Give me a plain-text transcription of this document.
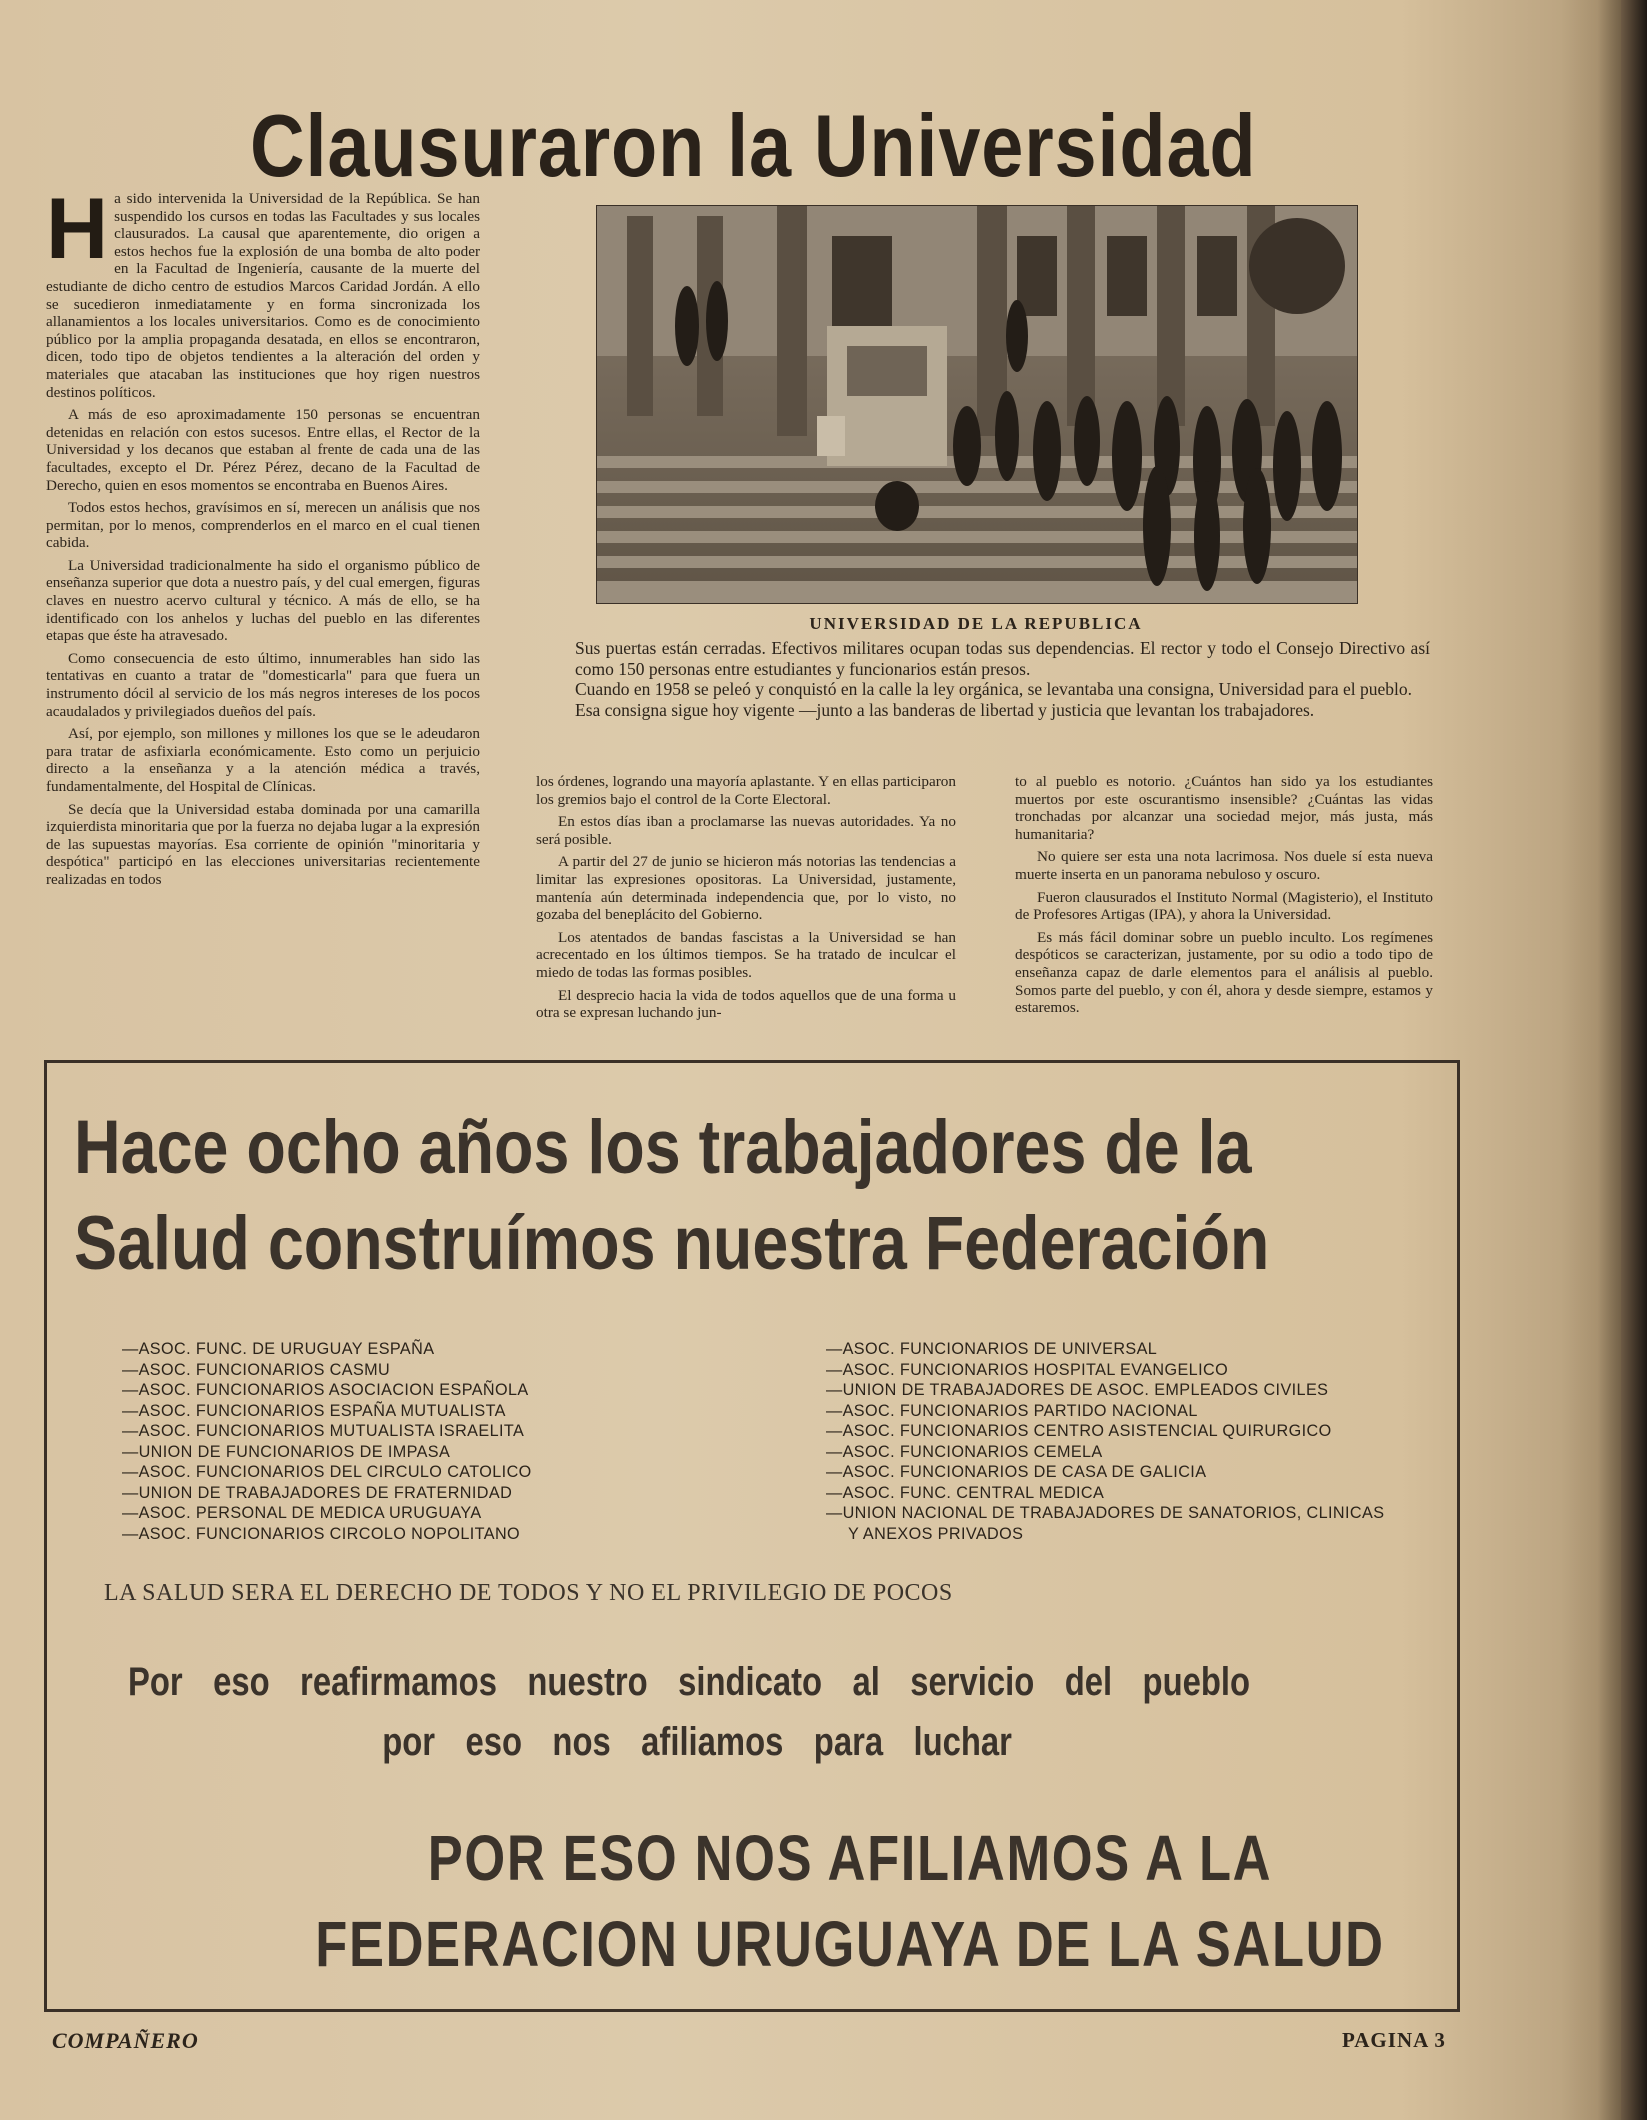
Clausuraron la Universidad
H a sido intervenida la Universidad de la República. Se han suspendido los cursos en todas las Facultades y sus locales clausurados. La causal que aparentemente, dio origen a estos hechos fue la explosión de una bomba de alto poder en la Facultad de Ingeniería, causante de la muerte del estudiante de dicho centro de estudios Marcos Caridad Jordán. A ello se sucedieron inmediatamente y en forma sincronizada los allanamientos a los locales universitarios. Como es de conocimiento público por la amplia propaganda desatada, en ellos se encontraron, dicen, todo tipo de objetos tendientes a la alteración del orden y materiales que atacaban las instituciones que hoy rigen nuestros destinos políticos.

A más de eso aproximadamente 150 personas se encuentran detenidas en relación con estos sucesos. Entre ellas, el Rector de la Universidad y los decanos que estaban al frente de cada una de las facultades, excepto el Dr. Pérez Pérez, decano de la Facultad de Derecho, quien en esos momentos se encontraba en Buenos Aires.

Todos estos hechos, gravísimos en sí, merecen un análisis que nos permitan, por lo menos, comprenderlos en el marco en el cual tienen cabida.

La Universidad tradicionalmente ha sido el organismo público de enseñanza superior que dota a nuestro país, y del cual emergen, figuras claves en nuestro acervo cultural y técnico. A más de ello, se ha identificado con los anhelos y luchas del pueblo en las diferentes etapas que éste ha atravesado.

Como consecuencia de esto último, innumerables han sido las tentativas en cuanto a tratar de "domesticarla" para que fuera un instrumento dócil al servicio de los más negros intereses de los pocos acaudalados y privilegiados dueños del país.

Así, por ejemplo, son millones y millones los que se le adeudaron para tratar de asfixiarla económicamente. Esto como un perjuicio directo a la enseñanza y a la atención médica a través, fundamentalmente, del Hospital de Clínicas.

Se decía que la Universidad estaba dominada por una camarilla izquierdista minoritaria que por la fuerza no dejaba lugar a la expresión de las supuestas mayorías. Esa corriente de opinión "minoritaria y despótica" participó en las elecciones universitarias recientemente realizadas en todos

UNIVERSIDAD DE LA REPUBLICA

Sus puertas están cerradas. Efectivos militares ocupan todas sus dependencias. El rector y todo el Consejo Directivo así como 150 personas entre estudiantes y funcionarios están presos.

Cuando en 1958 se peleó y conquistó en la calle la ley orgánica, se levantaba una consigna, Universidad para el pueblo.

Esa consigna sigue hoy vigente —junto a las banderas de libertad y justicia que levantan los trabajadores.

los órdenes, logrando una mayoría aplastante. Y en ellas participaron los gremios bajo el control de la Corte Electoral.

En estos días iban a proclamarse las nuevas autoridades. Ya no será posible.

A partir del 27 de junio se hicieron más notorias las tendencias a limitar las expresiones opositoras. La Universidad, justamente, mantenía aún determinada independencia que, por lo visto, no gozaba del beneplácito del Gobierno.

Los atentados de bandas fascistas a la Universidad se han acrecentado en los últimos tiempos. Se ha tratado de inculcar el miedo de todas las formas posibles.

El desprecio hacia la vida de todos aquellos que de una forma u otra se expresan luchando jun-

to al pueblo es notorio. ¿Cuántos han sido ya los estudiantes muertos por este oscurantismo insensible? ¿Cuántas las vidas tronchadas por alcanzar una sociedad mejor, más justa, más humanitaria?

No quiere ser esta una nota lacrimosa. Nos duele sí esta nueva muerte inserta en un panorama nebuloso y oscuro.

Fueron clausurados el Instituto Normal (Magisterio), el Instituto de Profesores Artigas (IPA), y ahora la Universidad.

Es más fácil dominar sobre un pueblo inculto. Los regímenes despóticos se caracterizan, justamente, por su odio a todo tipo de enseñanza capaz de darle elementos para el análisis al pueblo. Somos parte del pueblo, y con él, ahora y desde siempre, estamos y estaremos.

Hace ocho años los trabajadores de la
Salud construímos nuestra Federación
—ASOC. FUNC. DE URUGUAY ESPAÑA
—ASOC. FUNCIONARIOS CASMU
—ASOC. FUNCIONARIOS ASOCIACION ESPAÑOLA
—ASOC. FUNCIONARIOS ESPAÑA MUTUALISTA
—ASOC. FUNCIONARIOS MUTUALISTA ISRAELITA
—UNION DE FUNCIONARIOS DE IMPASA
—ASOC. FUNCIONARIOS DEL CIRCULO CATOLICO
—UNION DE TRABAJADORES DE FRATERNIDAD
—ASOC. PERSONAL DE MEDICA URUGUAYA
—ASOC. FUNCIONARIOS CIRCOLO NOPOLITANO
—ASOC. FUNCIONARIOS DE UNIVERSAL
—ASOC. FUNCIONARIOS HOSPITAL EVANGELICO
—UNION DE TRABAJADORES DE ASOC. EMPLEADOS CIVILES
—ASOC. FUNCIONARIOS PARTIDO NACIONAL
—ASOC. FUNCIONARIOS CENTRO ASISTENCIAL QUIRURGICO
—ASOC. FUNCIONARIOS CEMELA
—ASOC. FUNCIONARIOS DE CASA DE GALICIA
—ASOC. FUNC. CENTRAL MEDICA
—UNION NACIONAL DE TRABAJADORES DE SANATORIOS, CLINICAS
Y ANEXOS PRIVADOS
LA SALUD SERA EL DERECHO DE TODOS Y NO EL PRIVILEGIO DE POCOS
Por eso reafirmamos nuestro sindicato al servicio del pueblo
por eso nos afiliamos para luchar
POR ESO NOS AFILIAMOS A LA
FEDERACION URUGUAYA DE LA SALUD
COMPAÑERO	PAGINA 3
